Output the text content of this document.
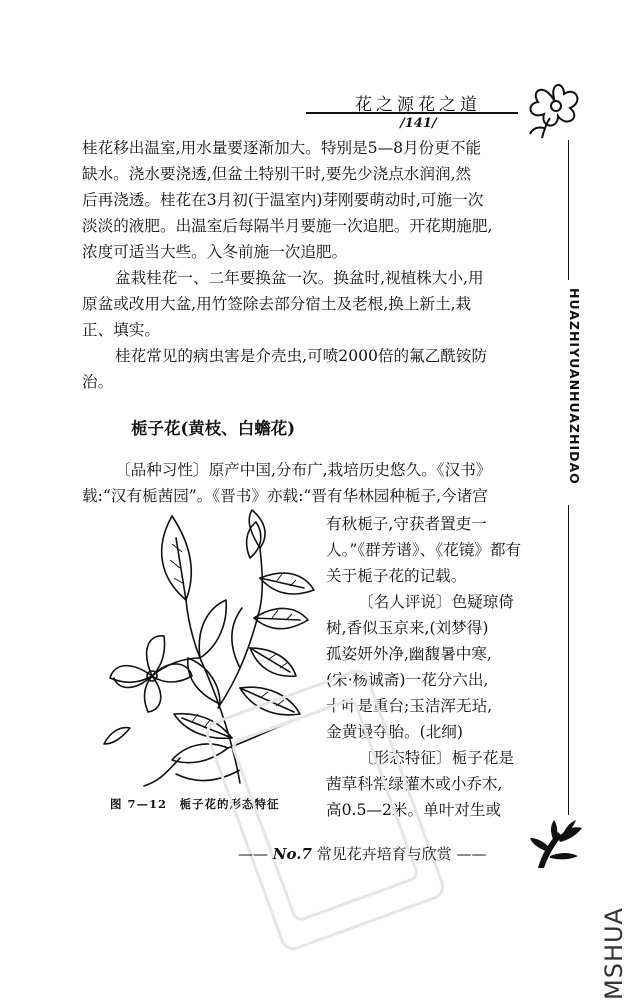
花之源花之道
/141/
HUAZHIYUANHUAZHIDAO
桂花移出温室,用水量要逐渐加大。特别是5—8月份更不能
缺水。浇水要浇透,但盆土特别干时,要先少浇点水润润,然
后再浇透。桂花在3月初(于温室内)芽刚要萌动时,可施一次
淡淡的液肥。出温室后每隔半月要施一次追肥。开花期施肥,
浓度可适当大些。入冬前施一次追肥。
盆栽桂花一、二年要换盆一次。换盆时,视植株大小,用
原盆或改用大盆,用竹签除去部分宿土及老根,换上新土,栽
正、填实。
桂花常见的病虫害是介壳虫,可喷2000倍的氟乙酰铵防
治。
栀子花(黄枝、白蟾花)
〔品种习性〕原产中国,分布广,栽培历史悠久。《汉书》
载:“汉有栀茜园”。《晋书》亦载:“晋有华林园种栀子,今诸宫
有秋栀子,守获者置吏一
人。”《群芳谱》、《花镜》都有
关于栀子花的记载。
〔名人评说〕色疑琼倚
树,香似玉京来,(刘梦得)
孤姿妍外净,幽馥暑中寒,
(宋·杨诚斋)一花分六出,
十叶是重台;玉洁浑无玷,
金黄谩夺胎。(北䌹)
〔形态特征〕栀子花是
茜草科常绿灌木或小乔木,
高0.5—2米。单叶对生或
图 7—12　栀子花的形态特征
—— No.7 常见花卉培育与欣赏 ——
MSHUA
